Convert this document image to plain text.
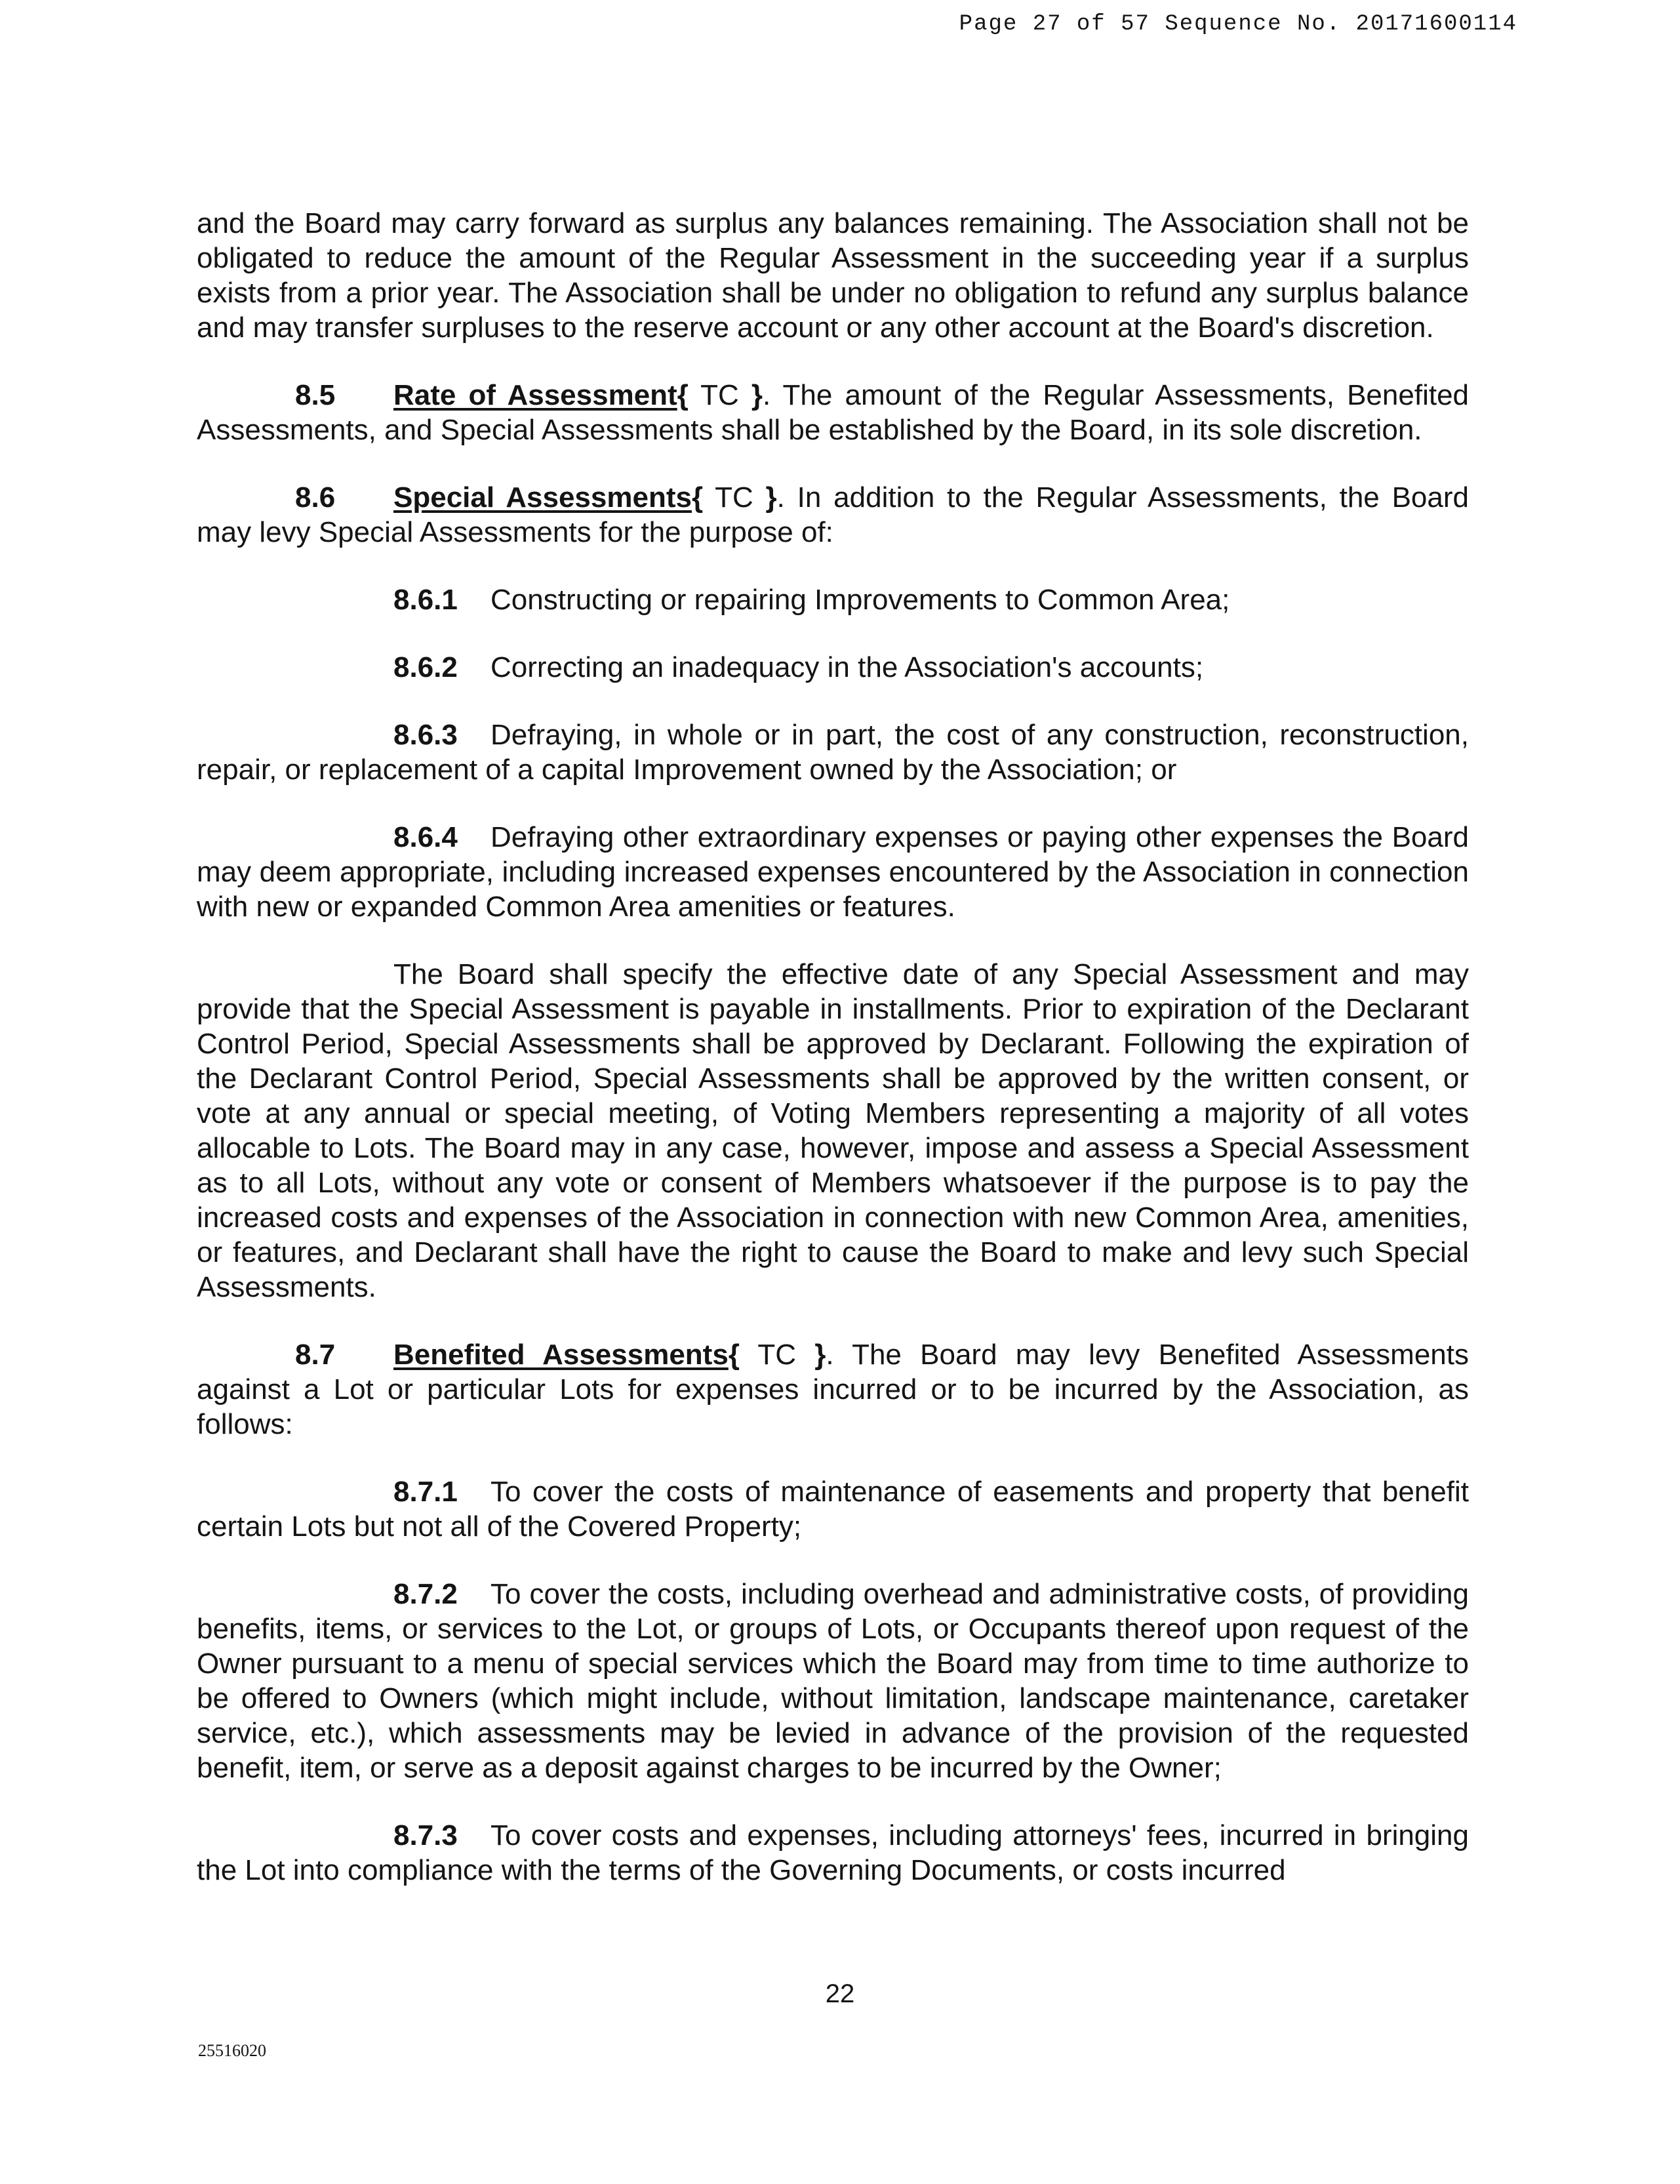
Page 27 of 57 Sequence No. 20171600114

and the Board may carry forward as surplus any balances remaining. The Association shall not be obligated to reduce the amount of the Regular Assessment in the succeeding year if a surplus exists from a prior year. The Association shall be under no obligation to refund any surplus balance and may transfer surpluses to the reserve account or any other account at the Board's discretion.

8.5 Rate of Assessment{ TC }. The amount of the Regular Assessments, Benefited Assessments, and Special Assessments shall be established by the Board, in its sole discretion.

8.6 Special Assessments{ TC }. In addition to the Regular Assessments, the Board may levy Special Assessments for the purpose of:

8.6.1 Constructing or repairing Improvements to Common Area;

8.6.2 Correcting an inadequacy in the Association's accounts;

8.6.3 Defraying, in whole or in part, the cost of any construction, reconstruction, repair, or replacement of a capital Improvement owned by the Association; or

8.6.4 Defraying other extraordinary expenses or paying other expenses the Board may deem appropriate, including increased expenses encountered by the Association in connection with new or expanded Common Area amenities or features.

The Board shall specify the effective date of any Special Assessment and may provide that the Special Assessment is payable in installments. Prior to expiration of the Declarant Control Period, Special Assessments shall be approved by Declarant. Following the expiration of the Declarant Control Period, Special Assessments shall be approved by the written consent, or vote at any annual or special meeting, of Voting Members representing a majority of all votes allocable to Lots. The Board may in any case, however, impose and assess a Special Assessment as to all Lots, without any vote or consent of Members whatsoever if the purpose is to pay the increased costs and expenses of the Association in connection with new Common Area, amenities, or features, and Declarant shall have the right to cause the Board to make and levy such Special Assessments.

8.7 Benefited Assessments{ TC }. The Board may levy Benefited Assessments against a Lot or particular Lots for expenses incurred or to be incurred by the Association, as follows:

8.7.1 To cover the costs of maintenance of easements and property that benefit certain Lots but not all of the Covered Property;

8.7.2 To cover the costs, including overhead and administrative costs, of providing benefits, items, or services to the Lot, or groups of Lots, or Occupants thereof upon request of the Owner pursuant to a menu of special services which the Board may from time to time authorize to be offered to Owners (which might include, without limitation, landscape maintenance, caretaker service, etc.), which assessments may be levied in advance of the provision of the requested benefit, item, or serve as a deposit against charges to be incurred by the Owner;

8.7.3 To cover costs and expenses, including attorneys' fees, incurred in bringing the Lot into compliance with the terms of the Governing Documents, or costs incurred

22
25516020
